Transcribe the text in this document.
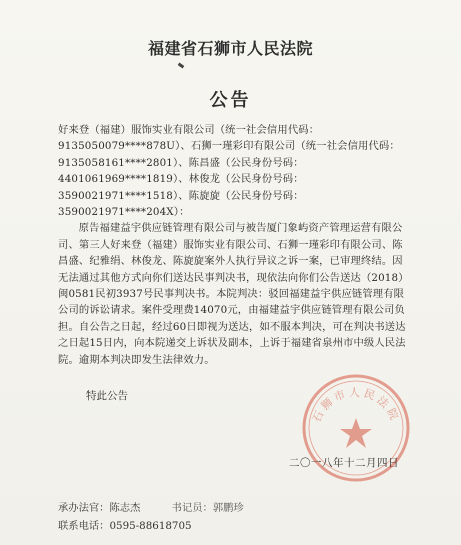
福建省石狮市人民法院
公告

好来登（福建）服饰实业有限公司（统一社会信用代码：9135050079****878U）、石狮一瑾彩印有限公司（统一社会信用代码：9135058161****2801）、陈昌盛（公民身份号码：4401061969****1819）、林俊龙（公民身份号码：3590021971****1518）、陈旋旋（公民身份号码：3590021971****204X）：

原告福建益宇供应链管理有限公司与被告厦门象屿资产管理运营有限公司、第三人好来登（福建）服饰实业有限公司、石狮一瑾彩印有限公司、陈昌盛、纪雅绢、林俊龙、陈旋旋案外人执行异议之诉一案，已审理终结。因无法通过其他方式向你们送达民事判决书，现依法向你们公告送达（2018）闽0581民初3937号民事判决书。本院判决：驳回福建益宇供应链管理有限公司的诉讼请求。案件受理费14070元，由福建益宇供应链管理有限公司负担。自公告之日起，经过60日即视为送达，如不服本判决，可在判决书送达之日起15日内，向本院递交上诉状及副本，上诉于福建省泉州市中级人民法院。逾期本判决即发生法律效力。

特此公告
石狮市人民法院
二〇一八年十二月四日
承办法官：陈志杰	书记员：郭鹏珍
联系电话：0595-88618705
